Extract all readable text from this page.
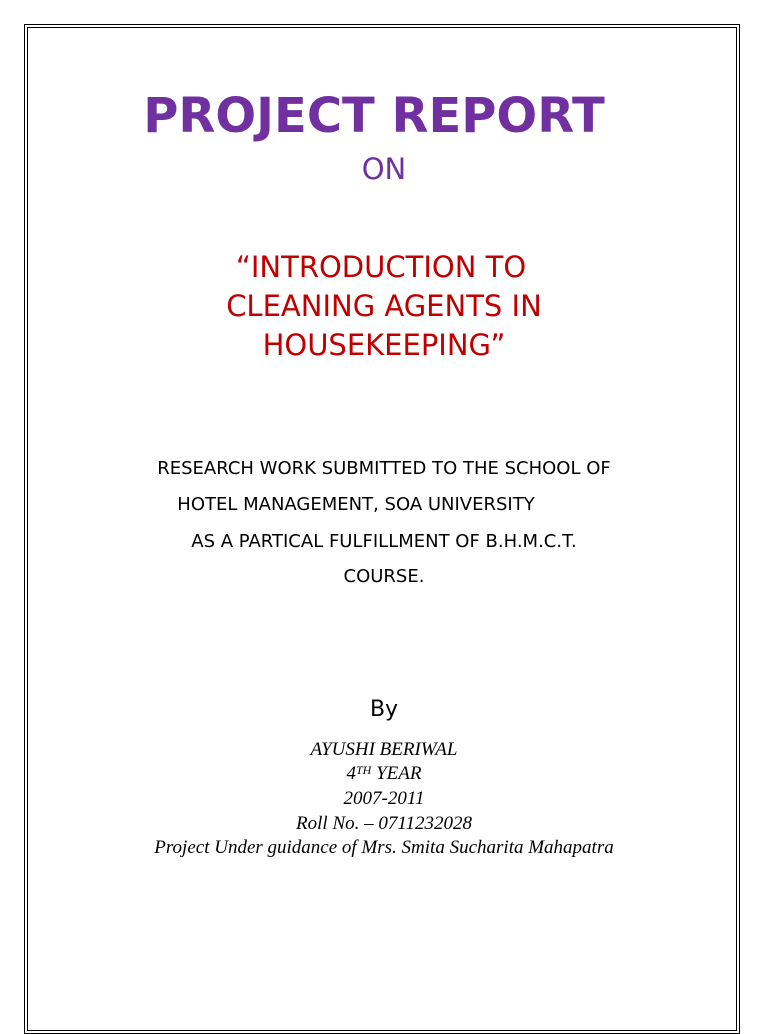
PROJECT REPORT
ON
“INTRODUCTION TO
CLEANING AGENTS IN
HOUSEKEEPING”
RESEARCH WORK SUBMITTED TO THE SCHOOL OF
HOTEL MANAGEMENT, SOA UNIVERSITY
AS A PARTICAL FULFILLMENT OF B.H.M.C.T.
COURSE.
By
AYUSHI BERIWAL
4TH YEAR
2007-2011
Roll No. – 0711232028
Project Under guidance of Mrs. Smita Sucharita Mahapatra
